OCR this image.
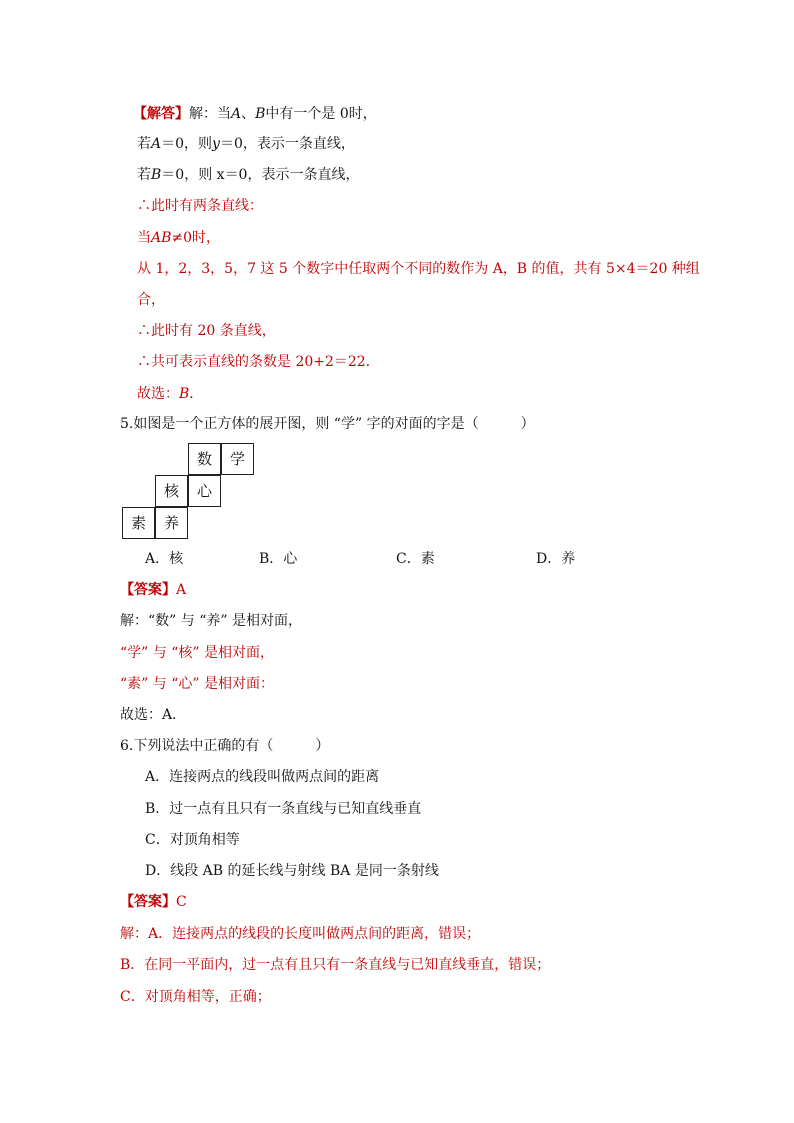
【解答】解：当A、B中有一个是 0时，
若A＝0，则y＝0，表示一条直线，
若B＝0，则 x＝0，表示一条直线，
∴此时有两条直线：
当AB≠0时，
从 1，2，3，5，7 这 5 个数字中任取两个不同的数作为 A，B 的值，共有 5×4＝20 种组
合，
∴此时有 20 条直线，
∴共可表示直线的条数是 20+2＝22．
故选：B．
5.如图是一个正方体的展开图，则 “学” 字的对面的字是（　　　）
数	学
核	心
素	养
A．核	B．心	C．素	D．养
【答案】A
解：“数” 与 “养” 是相对面，
“学” 与 “核” 是相对面，
“素” 与 “心” 是相对面：
故选：A．
6.下列说法中正确的有（　　　）
A．连接两点的线段叫做两点间的距离
B．过一点有且只有一条直线与已知直线垂直
C．对顶角相等
D．线段 AB 的延长线与射线 BA 是同一条射线
【答案】C
解：A．连接两点的线段的长度叫做两点间的距离，错误；
B．在同一平面内，过一点有且只有一条直线与已知直线垂直，错误；
C．对顶角相等，正确；
